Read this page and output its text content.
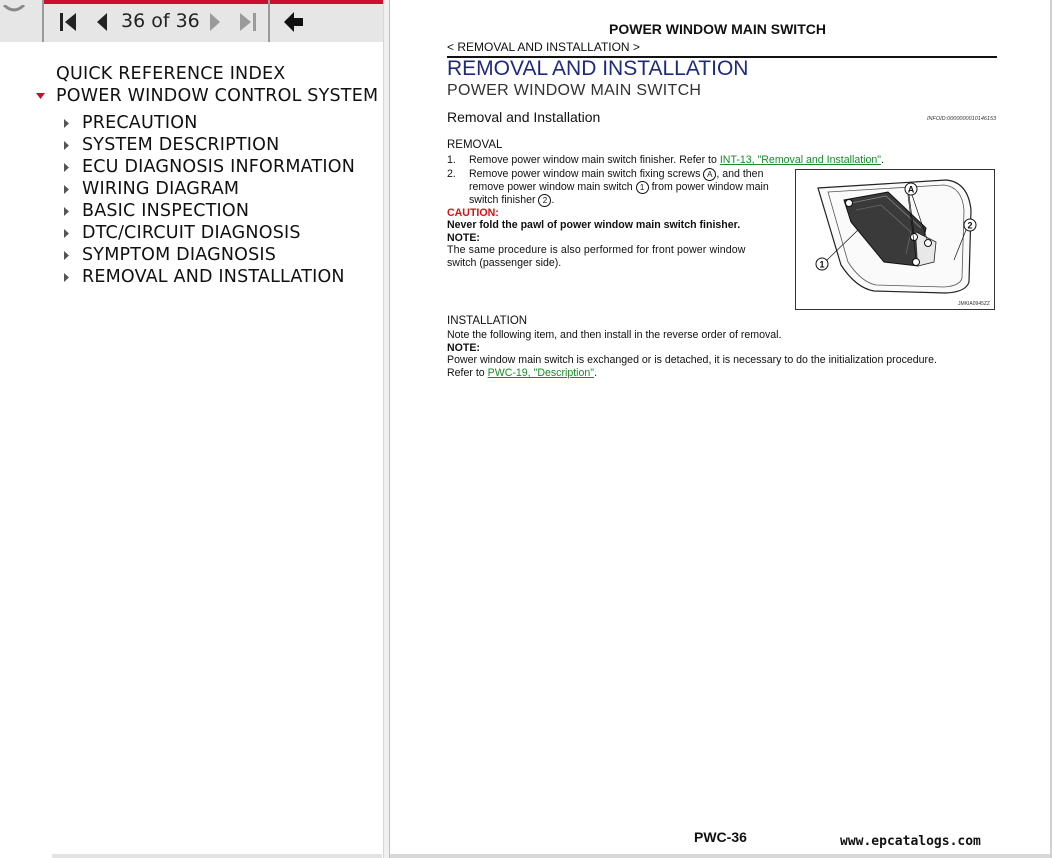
36 of 36
QUICK REFERENCE INDEX
POWER WINDOW CONTROL SYSTEM
PRECAUTION
SYSTEM DESCRIPTION
ECU DIAGNOSIS INFORMATION
WIRING DIAGRAM
BASIC INSPECTION
DTC/CIRCUIT DIAGNOSIS
SYMPTOM DIAGNOSIS
REMOVAL AND INSTALLATION
POWER WINDOW MAIN SWITCH
< REMOVAL AND INSTALLATION >
REMOVAL AND INSTALLATION
POWER WINDOW MAIN SWITCH
Removal and Installation	INFOID:0000000010146153
REMOVAL
1. Remove power window main switch finisher. Refer to INT-13, "Removal and Installation".
2. Remove power window main switch fixing screws A , and then
remove power window main switch 1 from power window main
switch finisher 2 .
CAUTION:
Never fold the pawl of power window main switch finisher.
NOTE:
The same procedure is also performed for front power window
switch (passenger side).
A
1
2
JMKIA0945ZZ
INSTALLATION
Note the following item, and then install in the reverse order of removal.
NOTE:
Power window main switch is exchanged or is detached, it is necessary to do the initialization procedure.
Refer to PWC-19, "Description".
PWC-36	www.epcatalogs.com
